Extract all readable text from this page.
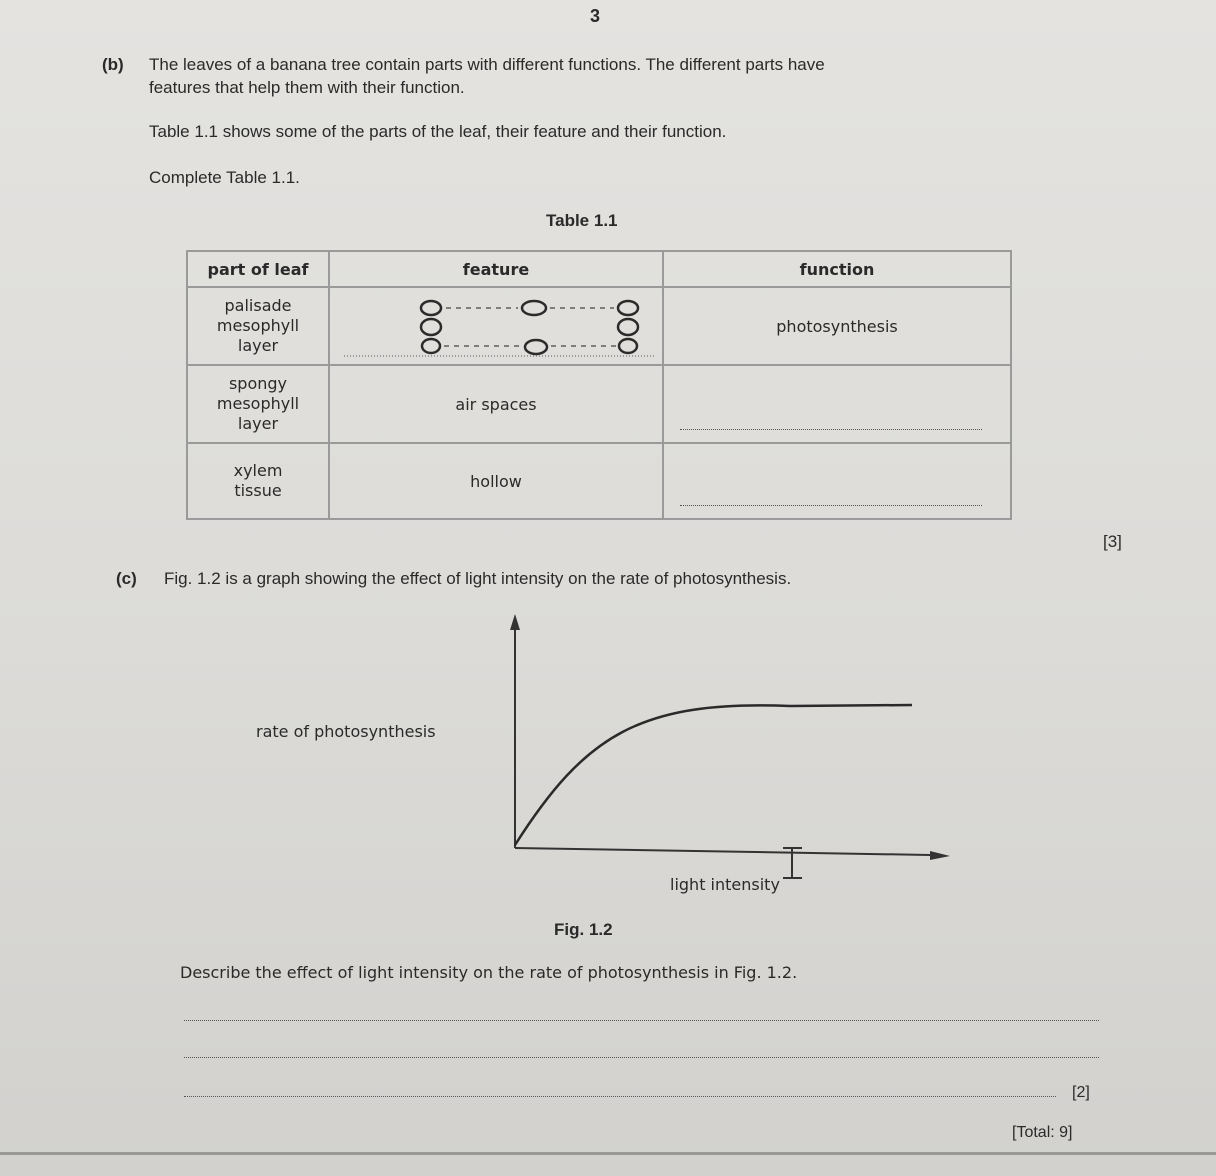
3
(b) The leaves of a banana tree contain parts with different functions. The different parts have
features that help them with their function.
Table 1.1 shows some of the parts of the leaf, their feature and their function.
Complete Table 1.1.
Table 1.1
part of leaf	feature	function

palisade
mesophyll
layer		photosynthesis

spongy
mesophyll
layer	air spaces	

xylem
tissue	hollow	
[3]
(c) Fig. 1.2 is a graph showing the effect of light intensity on the rate of photosynthesis.
rate of photosynthesis
light intensity
Fig. 1.2
Describe the effect of light intensity on the rate of photosynthesis in Fig. 1.2.
[2]
[Total: 9]
